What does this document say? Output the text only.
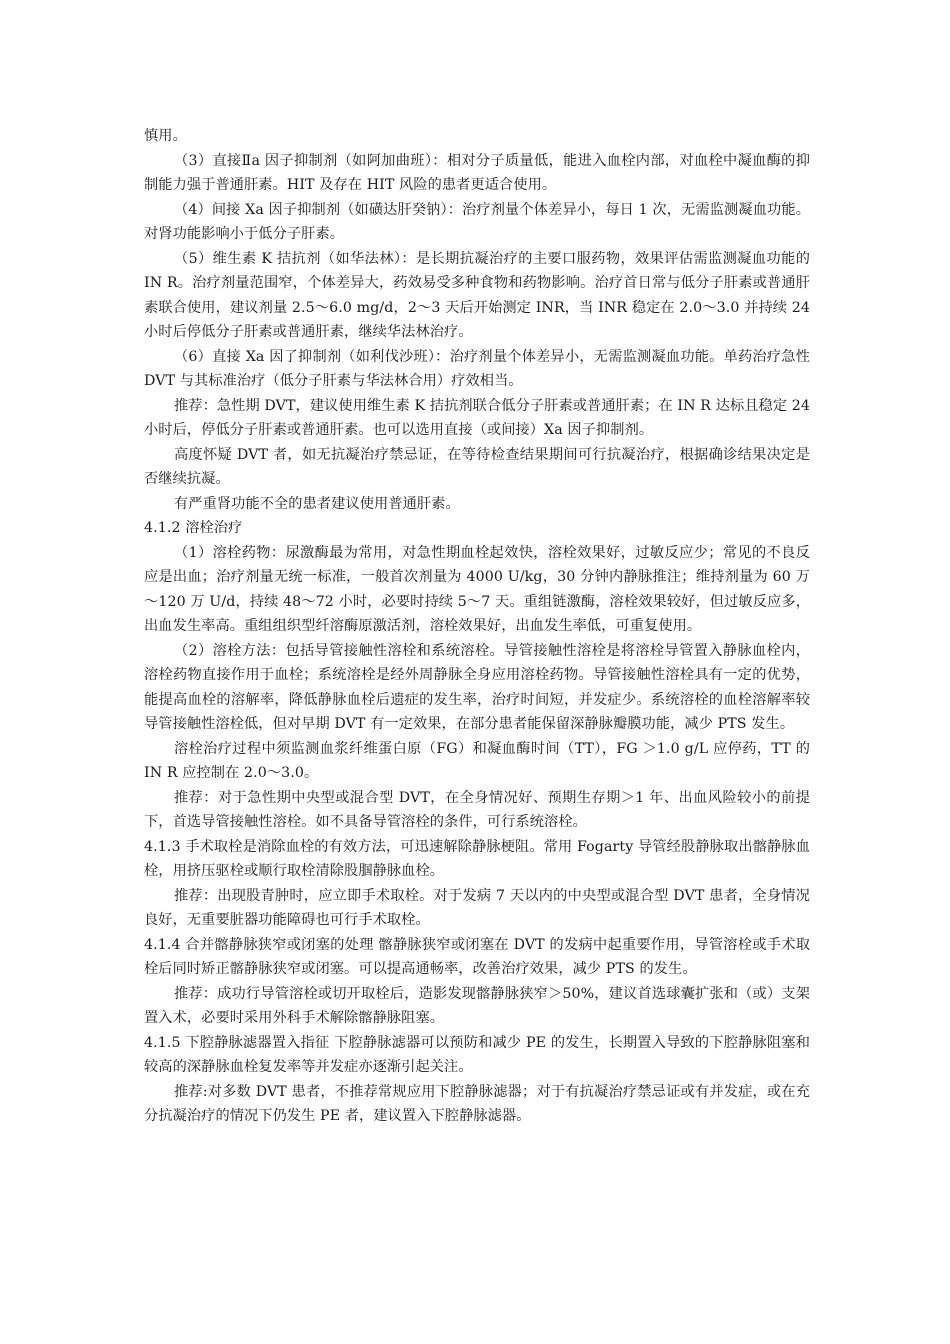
慎用。

（3）直接Ⅱa 因子抑制剂（如阿加曲班）：相对分子质量低，能进入血栓内部，对血栓中凝血酶的抑制能力强于普通肝素。HIT 及存在 HIT 风险的患者更适合使用。

（4）间接 Xa 因子抑制剂（如磺达肝癸钠）：治疗剂量个体差异小，每日 1 次，无需监测凝血功能。对肾功能影响小于低分子肝素。

（5）维生素 K 拮抗剂（如华法林）：是长期抗凝治疗的主要口服药物，效果评估需监测凝血功能的 IN R。治疗剂量范围窄，个体差异大，药效易受多种食物和药物影响。治疗首日常与低分子肝素或普通肝素联合使用，建议剂量 2.5～6.0 mg/d，2～3 天后开始测定 INR，当 INR 稳定在 2.0～3.0 并持续 24 小时后停低分子肝素或普通肝素，继续华法林治疗。

（6）直接 Xa 因了抑制剂（如利伐沙班）：治疗剂量个体差异小，无需监测凝血功能。单药治疗急性 DVT 与其标准治疗（低分子肝素与华法林合用）疗效相当。

推荐：急性期 DVT，建议使用维生素 K 拮抗剂联合低分子肝素或普通肝素；在 IN R 达标且稳定 24 小时后，停低分子肝素或普通肝素。也可以选用直接（或间接）Xa 因子抑制剂。

高度怀疑 DVT 者，如无抗凝治疗禁忌证，在等待检查结果期间可行抗凝治疗，根据确诊结果决定是否继续抗凝。

有严重肾功能不全的患者建议使用普通肝素。

4.1.2 溶栓治疗

（1）溶栓药物：尿激酶最为常用，对急性期血栓起效快，溶栓效果好，过敏反应少；常见的不良反应是出血；治疗剂量无统一标准，一般首次剂量为 4000 U/kg，30 分钟内静脉推注；维持剂量为 60 万～120 万 U/d，持续 48～72 小时，必要时持续 5～7 天。重组链激酶，溶栓效果较好，但过敏反应多，出血发生率高。重组组织型纤溶酶原激活剂，溶栓效果好，出血发生率低，可重复使用。

（2）溶栓方法：包括导管接触性溶栓和系统溶栓。导管接触性溶栓是将溶栓导管置入静脉血栓内，溶栓药物直接作用于血栓；系统溶栓是经外周静脉全身应用溶栓药物。导管接触性溶栓具有一定的优势，能提高血栓的溶解率，降低静脉血栓后遗症的发生率，治疗时间短，并发症少。系统溶栓的血栓溶解率较导管接触性溶栓低，但对早期 DVT 有一定效果，在部分患者能保留深静脉瓣膜功能，减少 PTS 发生。

溶栓治疗过程中须监测血浆纤维蛋白原（FG）和凝血酶时间（TT），FG ＞1.0 g/L 应停药，TT 的 IN R 应控制在 2.0～3.0。

推荐：对于急性期中央型或混合型 DVT，在全身情况好、预期生存期＞1 年、出血风险较小的前提下，首选导管接触性溶栓。如不具备导管溶栓的条件，可行系统溶栓。

4.1.3 手术取栓是消除血栓的有效方法，可迅速解除静脉梗阻。常用 Fogarty 导管经股静脉取出髂静脉血栓，用挤压驱栓或顺行取栓清除股腘静脉血栓。

推荐：出现股青肿时，应立即手术取栓。对于发病 7 天以内的中央型或混合型 DVT 患者，全身情况良好，无重要脏器功能障碍也可行手术取栓。

4.1.4 合并髂静脉狭窄或闭塞的处理 髂静脉狭窄或闭塞在 DVT 的发病中起重要作用，导管溶栓或手术取栓后同时矫正髂静脉狭窄或闭塞。可以提高通畅率，改善治疗效果，减少 PTS 的发生。

推荐：成功行导管溶栓或切开取栓后，造影发现髂静脉狭窄＞50%，建议首选球囊扩张和（或）支架置入术，必要时采用外科手术解除髂静脉阻塞。

4.1.5 下腔静脉滤器置入指征 下腔静脉滤器可以预防和减少 PE 的发生，长期置入导致的下腔静脉阻塞和较高的深静脉血栓复发率等并发症亦逐渐引起关注。

推荐:对多数 DVT 患者，不推荐常规应用下腔静脉滤器；对于有抗凝治疗禁忌证或有并发症，或在充分抗凝治疗的情况下仍发生 PE 者，建议置入下腔静脉滤器。
